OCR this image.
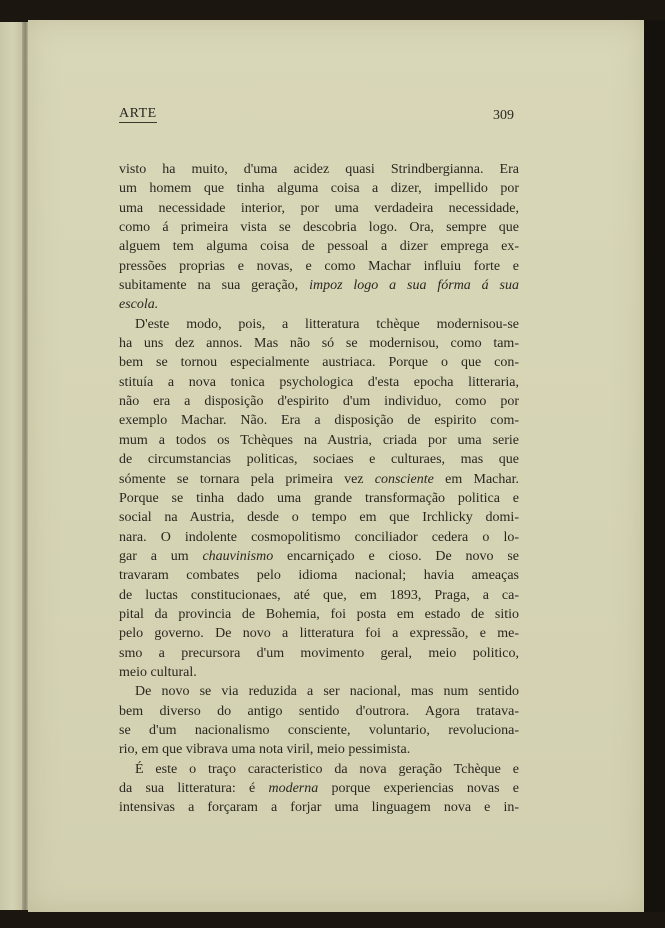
ARTE	309
visto ha muito, d'uma acidez quasi Strindbergianna. Era
um homem que tinha alguma coisa a dizer, impellido por
uma necessidade interior, por uma verdadeira necessidade,
como á primeira vista se descobria logo. Ora, sempre que
alguem tem alguma coisa de pessoal a dizer emprega ex-
pressões proprias e novas, e como Machar influiu forte e
subitamente na sua geração, impoz logo a sua fórma á sua
escola.
D'este modo, pois, a litteratura tchèque modernisou-se
ha uns dez annos. Mas não só se modernisou, como tam-
bem se tornou especialmente austriaca. Porque o que con-
stituía a nova tonica psychologica d'esta epocha litteraria,
não era a disposição d'espirito d'um individuo, como por
exemplo Machar. Não. Era a disposição de espirito com-
mum a todos os Tchèques na Austria, criada por uma serie
de circumstancias politicas, sociaes e culturaes, mas que
sómente se tornara pela primeira vez consciente em Machar.
Porque se tinha dado uma grande transformação politica e
social na Austria, desde o tempo em que Irchlicky domi-
nara. O indolente cosmopolitismo conciliador cedera o lo-
gar a um chauvinismo encarniçado e cioso. De novo se
travaram combates pelo idioma nacional; havia ameaças
de luctas constitucionaes, até que, em 1893, Praga, a ca-
pital da provincia de Bohemia, foi posta em estado de sitio
pelo governo. De novo a litteratura foi a expressão, e me-
smo a precursora d'um movimento geral, meio politico,
meio cultural.
De novo se via reduzida a ser nacional, mas num sentido
bem diverso do antigo sentido d'outrora. Agora tratava-
se d'um nacionalismo consciente, voluntario, revoluciona-
rio, em que vibrava uma nota viril, meio pessimista.
É este o traço caracteristico da nova geração Tchèque e
da sua litteratura: é moderna porque experiencias novas e
intensivas a forçaram a forjar uma linguagem nova e in-
